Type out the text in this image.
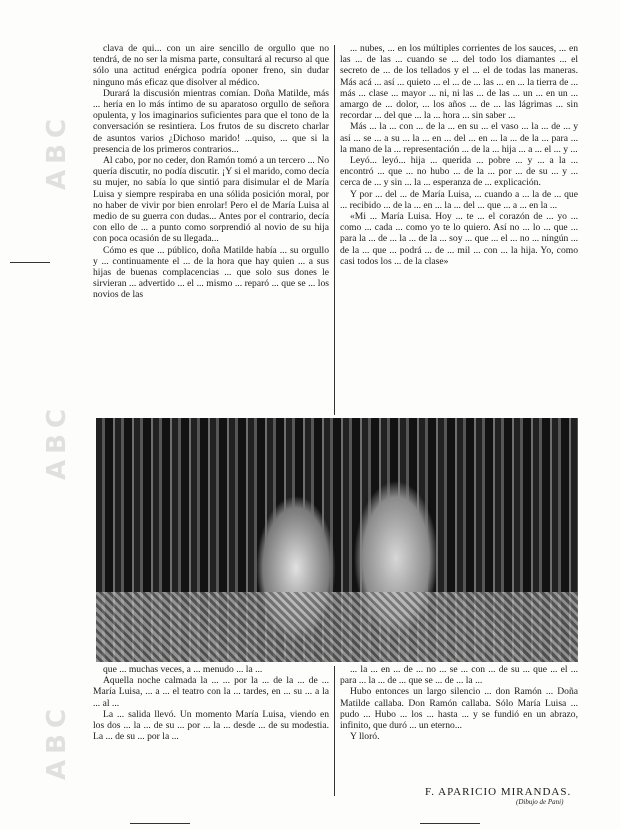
ABC
ABC
ABC

clava de qui... con un aire sencillo de orgullo que no tendrá, de no ser la misma parte, consultará al recurso al que sólo una actitud enérgica podría oponer freno, sin dudar ninguno más eficaz que disolver al médico.

Durará la discusión mientras comían. Doña Matilde, más ... hería en lo más íntimo de su aparatoso orgullo de señora opulenta, y los imaginarios suficientes para que el tono de la conversación se resintiera. Los frutos de su discreto charlar de asuntos varios ¿Dichoso marido! ...quiso, ... que si la presencia de los primeros contrarios...

Al cabo, por no ceder, don Ramón tomó a un tercero ... No quería discutir, no podía discutir. ¡Y si el marido, como decía su mujer, no sabía lo que sintió para disimular el de María Luisa y siempre respiraba en una sólida posición moral, por no haber de vivir por bien enrolar! Pero el de María Luisa al medio de su guerra con dudas... Antes por el contrario, decía con ello de ... a punto como sorprendió al novio de su hija con poca ocasión de su llegada...

Cómo es que ... público, doña Matilde había ... su orgullo y ... continuamente el ... de la hora que hay quien ... a sus hijas de buenas complacencias ... que solo sus dones le sirvieran ... advertido ... el ... mismo ... reparó ... que se ... los novios de las

... nubes, ... en los múltiples corrientes de los sauces, ... en las ... de las ... cuando se ... del todo los diamantes ... el secreto de ... de los tellados y el ... el de todas las maneras. Más acá ... así ... quieto ... el ... de ... las ... en ... la tierra de ... más ... clase ... mayor ... ni, ni las ... de las ... un ... en un ... amargo de ... dolor, ... los años ... de ... las lágrimas ... sin recordar ... del que ... la ... hora ... sin saber ...

Más ... la ... con ... de la ... en su ... el vaso ... la ... de ... y así ... se ... a su ... la ... en ... del ... en ... la ... de la ... para ... la mano de la ... representación ... de la ... hija ... a ... el ... y ...

Leyó... leyó... hija ... querida ... pobre ... y ... a la ... encontró ... que ... no hubo ... de la ... por ... de su ... y ... cerca de ... y sin ... la ... esperanza de ... explicación.

Y por ... del ... de María Luisa, ... cuando a ... la de ... que ... recibido ... de la ... en ... la ... del ... que ... a ... en la ...

«Mi ... María Luisa. Hoy ... te ... el corazón de ... yo ... como ... cada ... como yo te lo quiero. Así no ... lo ... que ... para la ... de ... la ... de la ... soy ... que ... el ... no ... ningún ... de la ... que ... podrá ... de ... mil ... con ... la hija. Yo, como casi todos los ... de la clase»

que ... muchas veces, a ... menudo ... la ...

Aquella noche calmada la ... ... por la ... de la ... de ... María Luisa, ... a ... el teatro con la ... tardes, en ... su ... a la ... al ...

La ... salida llevó. Un momento María Luisa, viendo en los dos ... la ... de su ... por ... la ... desde ... de su modestia. La ... de su ... por la ...

... la ... en ... de ... no ... se ... con ... de su ... que ... el ... para ... la ... de ... que se ... de ... la ...

Hubo entonces un largo silencio ... don Ramón ... Doña Matilde callaba. Don Ramón callaba. Sólo María Luisa ... pudo ... Hubo ... los ... hasta ... y se fundió en un abrazo, infinito, que duró ... un eterno...

Y lloró.

F. APARICIO MIRANDAS.
(Dibujo de Pani)
